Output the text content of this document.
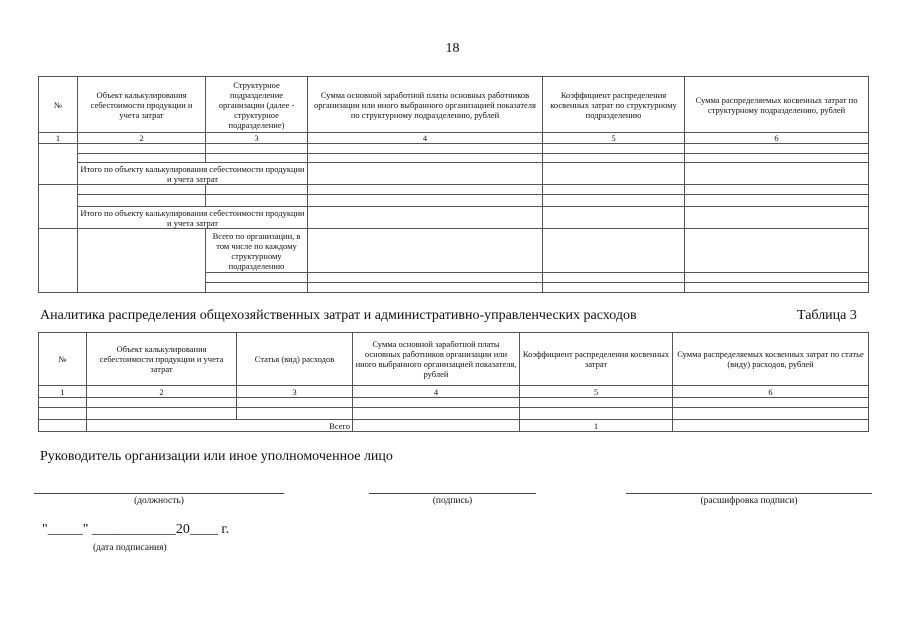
18
№	Объект калькулирования себестоимости продукции и учета затрат	Структурное подразделение организации (далее - структурное подразделение)	Сумма основной заработной платы основных работников организации или иного выбранного организацией показателя по структурному подразделению, рублей	Коэффициент распределения косвенных затрат по структурному подразделению	Сумма распределяемых косвенных затрат по структурному подразделению, рублей
1	2	3	4	5	6

	Итого по объекту калькулирования себестоимости продукции и учета затрат				

	Итого по объекту калькулирования себестоимости продукции и учета затрат				
		Всего по организации, в том числе по каждому структурному подразделению			

Аналитика распределения общехозяйственных затрат и административно-управленческих расходов	Таблица 3
№	Объект калькулирования себестоимости продукции и учета затрат	Статья (вид) расходов	Сумма основной заработной платы основных работников организации или иного выбранного организацией показателя, рублей	Коэффициент распределения косвенных затрат	Сумма распределяемых косвенных затрат по статье (виду) расходов, рублей
1	2	3	4	5	6

	Всего			1	
Руководитель организации или иное уполномоченное лицо
(должность)	(подпись)	(расшифровка подписи)
"_____" ____________20____ г.
(дата подписания)
